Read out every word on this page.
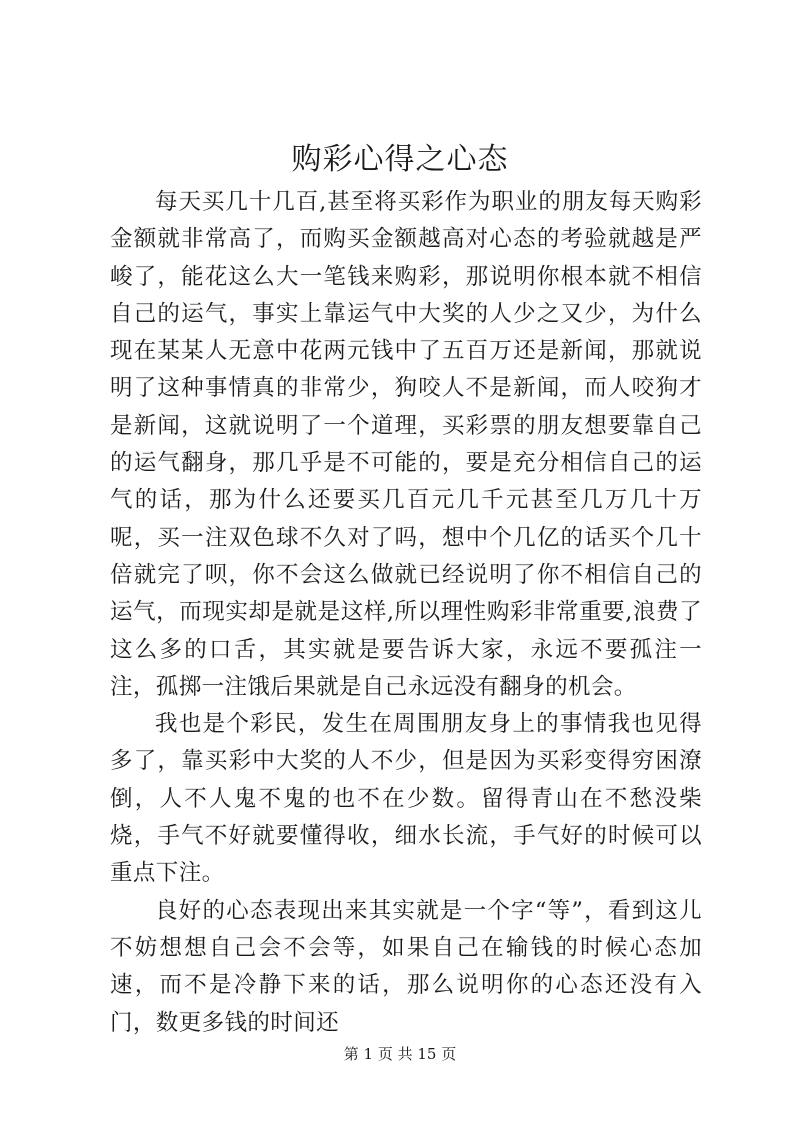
购彩心得之心态

每天买几十几百,甚至将买彩作为职业的朋友每天购彩金额就非常高了，而购买金额越高对心态的考验就越是严峻了，能花这么大一笔钱来购彩，那说明你根本就不相信自己的运气，事实上靠运气中大奖的人少之又少，为什么现在某某人无意中花两元钱中了五百万还是新闻，那就说明了这种事情真的非常少，狗咬人不是新闻，而人咬狗才是新闻，这就说明了一个道理，买彩票的朋友想要靠自己的运气翻身，那几乎是不可能的，要是充分相信自己的运气的话，那为什么还要买几百元几千元甚至几万几十万呢，买一注双色球不久对了吗，想中个几亿的话买个几十倍就完了呗，你不会这么做就已经说明了你不相信自己的运气，而现实却是就是这样,所以理性购彩非常重要,浪费了这么多的口舌，其实就是要告诉大家，永远不要孤注一注，孤掷一注饿后果就是自己永远没有翻身的机会。

我也是个彩民，发生在周围朋友身上的事情我也见得多了，靠买彩中大奖的人不少，但是因为买彩变得穷困潦倒，人不人鬼不鬼的也不在少数。留得青山在不愁没柴烧，手气不好就要懂得收，细水长流，手气好的时候可以重点下注。

良好的心态表现出来其实就是一个字“等”，看到这儿不妨想想自己会不会等，如果自己在输钱的时候心态加速，而不是冷静下来的话，那么说明你的心态还没有入门，数更多钱的时间还

第 1 页 共 15 页
